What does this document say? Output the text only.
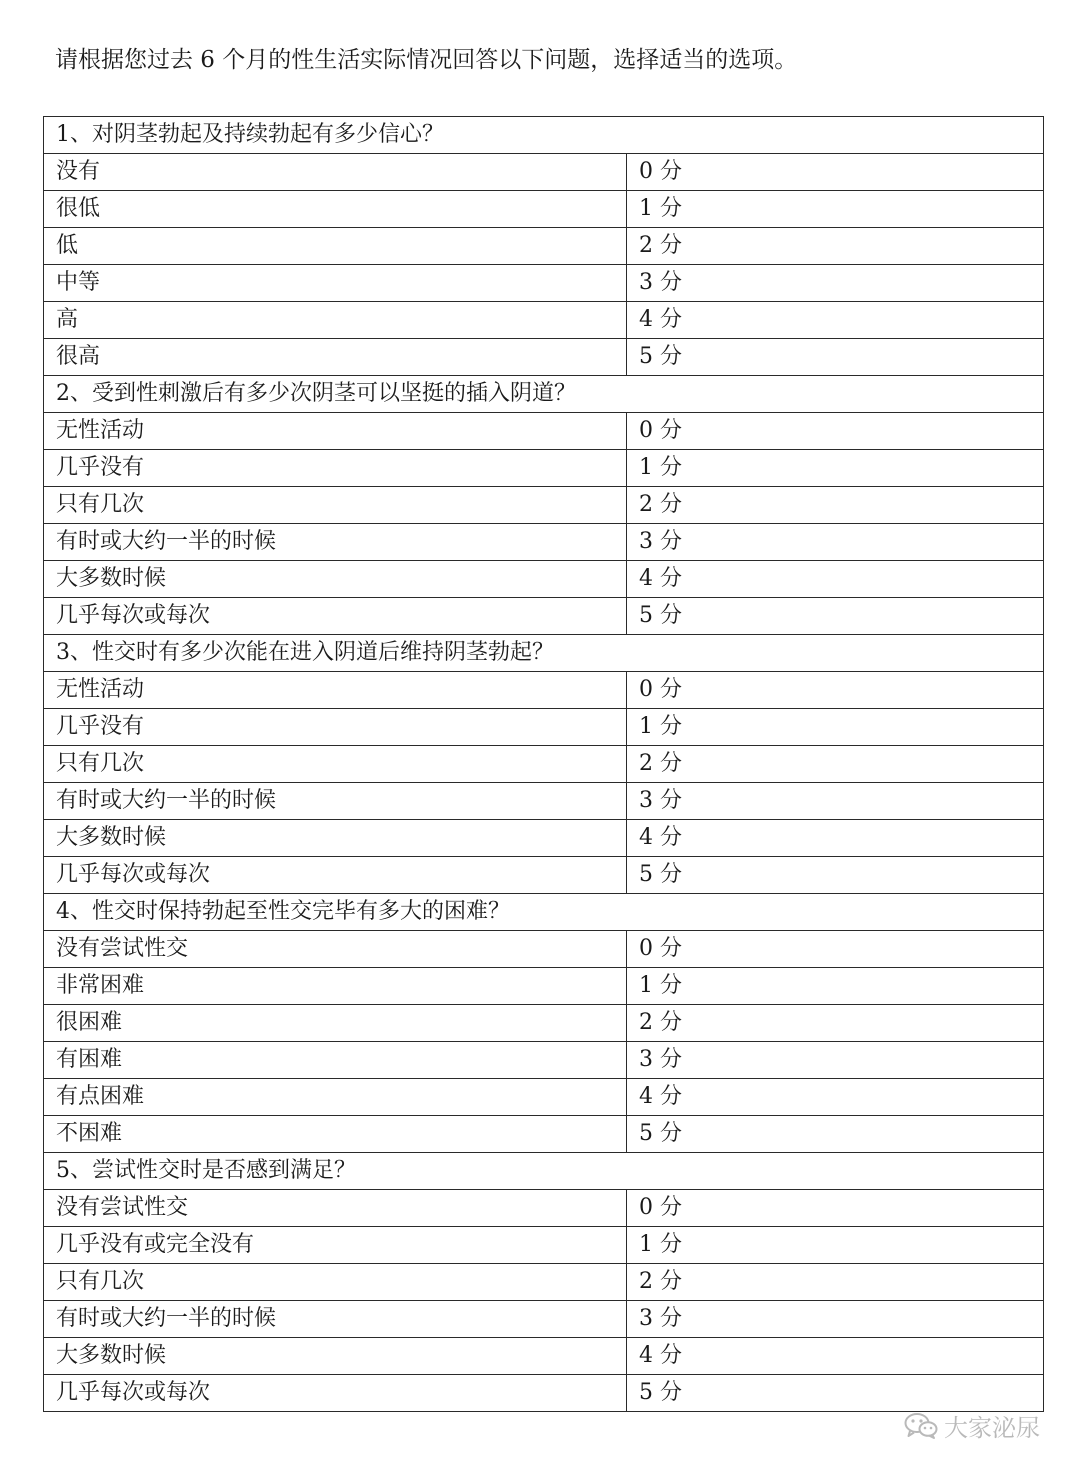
请根据您过去 6 个月的性生活实际情况回答以下问题，选择适当的选项。
1、对阴茎勃起及持续勃起有多少信心？	
没有	0 分
很低	1 分
低	2 分
中等	3 分
高	4 分
很高	5 分
2、受到性刺激后有多少次阴茎可以坚挺的插入阴道？	
无性活动	0 分
几乎没有	1 分
只有几次	2 分
有时或大约一半的时候	3 分
大多数时候	4 分
几乎每次或每次	5 分
3、性交时有多少次能在进入阴道后维持阴茎勃起？	
无性活动	0 分
几乎没有	1 分
只有几次	2 分
有时或大约一半的时候	3 分
大多数时候	4 分
几乎每次或每次	5 分
4、性交时保持勃起至性交完毕有多大的困难？	
没有尝试性交	0 分
非常困难	1 分
很困难	2 分
有困难	3 分
有点困难	4 分
不困难	5 分
5、尝试性交时是否感到满足？	
没有尝试性交	0 分
几乎没有或完全没有	1 分
只有几次	2 分
有时或大约一半的时候	3 分
大多数时候	4 分
几乎每次或每次	5 分
大家泌尿
